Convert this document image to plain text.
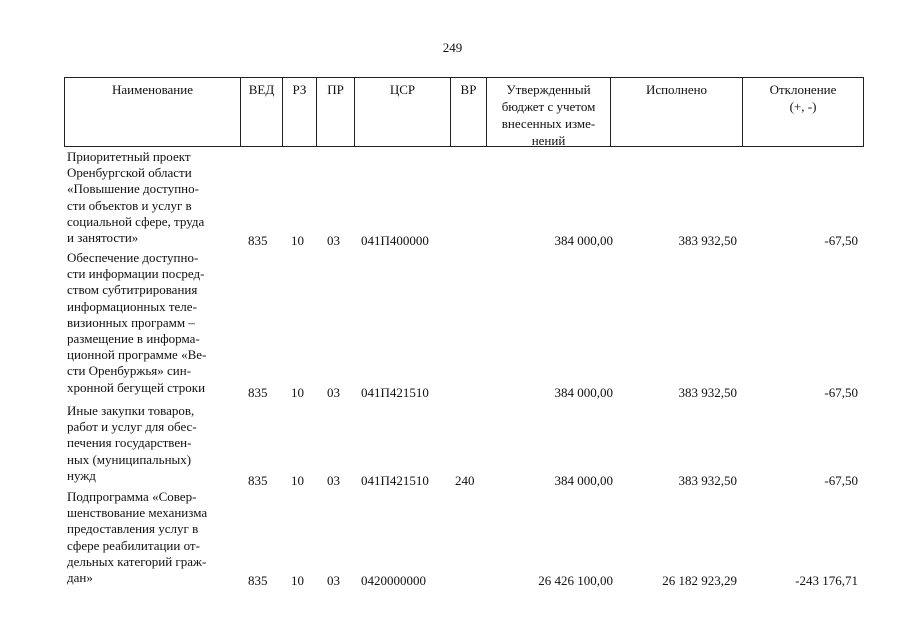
249
Наименование	ВЕД	РЗ	ПР	ЦСР	ВР	Утвержденный
бюджет с учетом
внесенных изме-
нений
Исполнено	Отклонение
(+, -)
Приоритетный проект
Оренбургской области
«Повышение доступно-
сти объектов и услуг в
социальной сфере, труда
и занятости»	835 10 03 041П400000	384 000,00	383 932,50	-67,50
Обеспечение доступно-
сти информации посред-
ством субтитрирования
информационных теле-
визионных программ –
размещение в информа-
ционной программе «Ве-
сти Оренбуржья» син-
хронной бегущей строки	835 10 03 041П421510	384 000,00	383 932,50	-67,50
Иные закупки товаров,
работ и услуг для обес-
печения государствен-
ных (муниципальных)
нужд	835 10 03 041П421510 240	384 000,00	383 932,50	-67,50
Подпрограмма «Совер-
шенствование механизма
предоставления услуг в
сфере реабилитации от-
дельных категорий граж-
дан»	835 10 03 0420000000	26 426 100,00	26 182 923,29	-243 176,71
